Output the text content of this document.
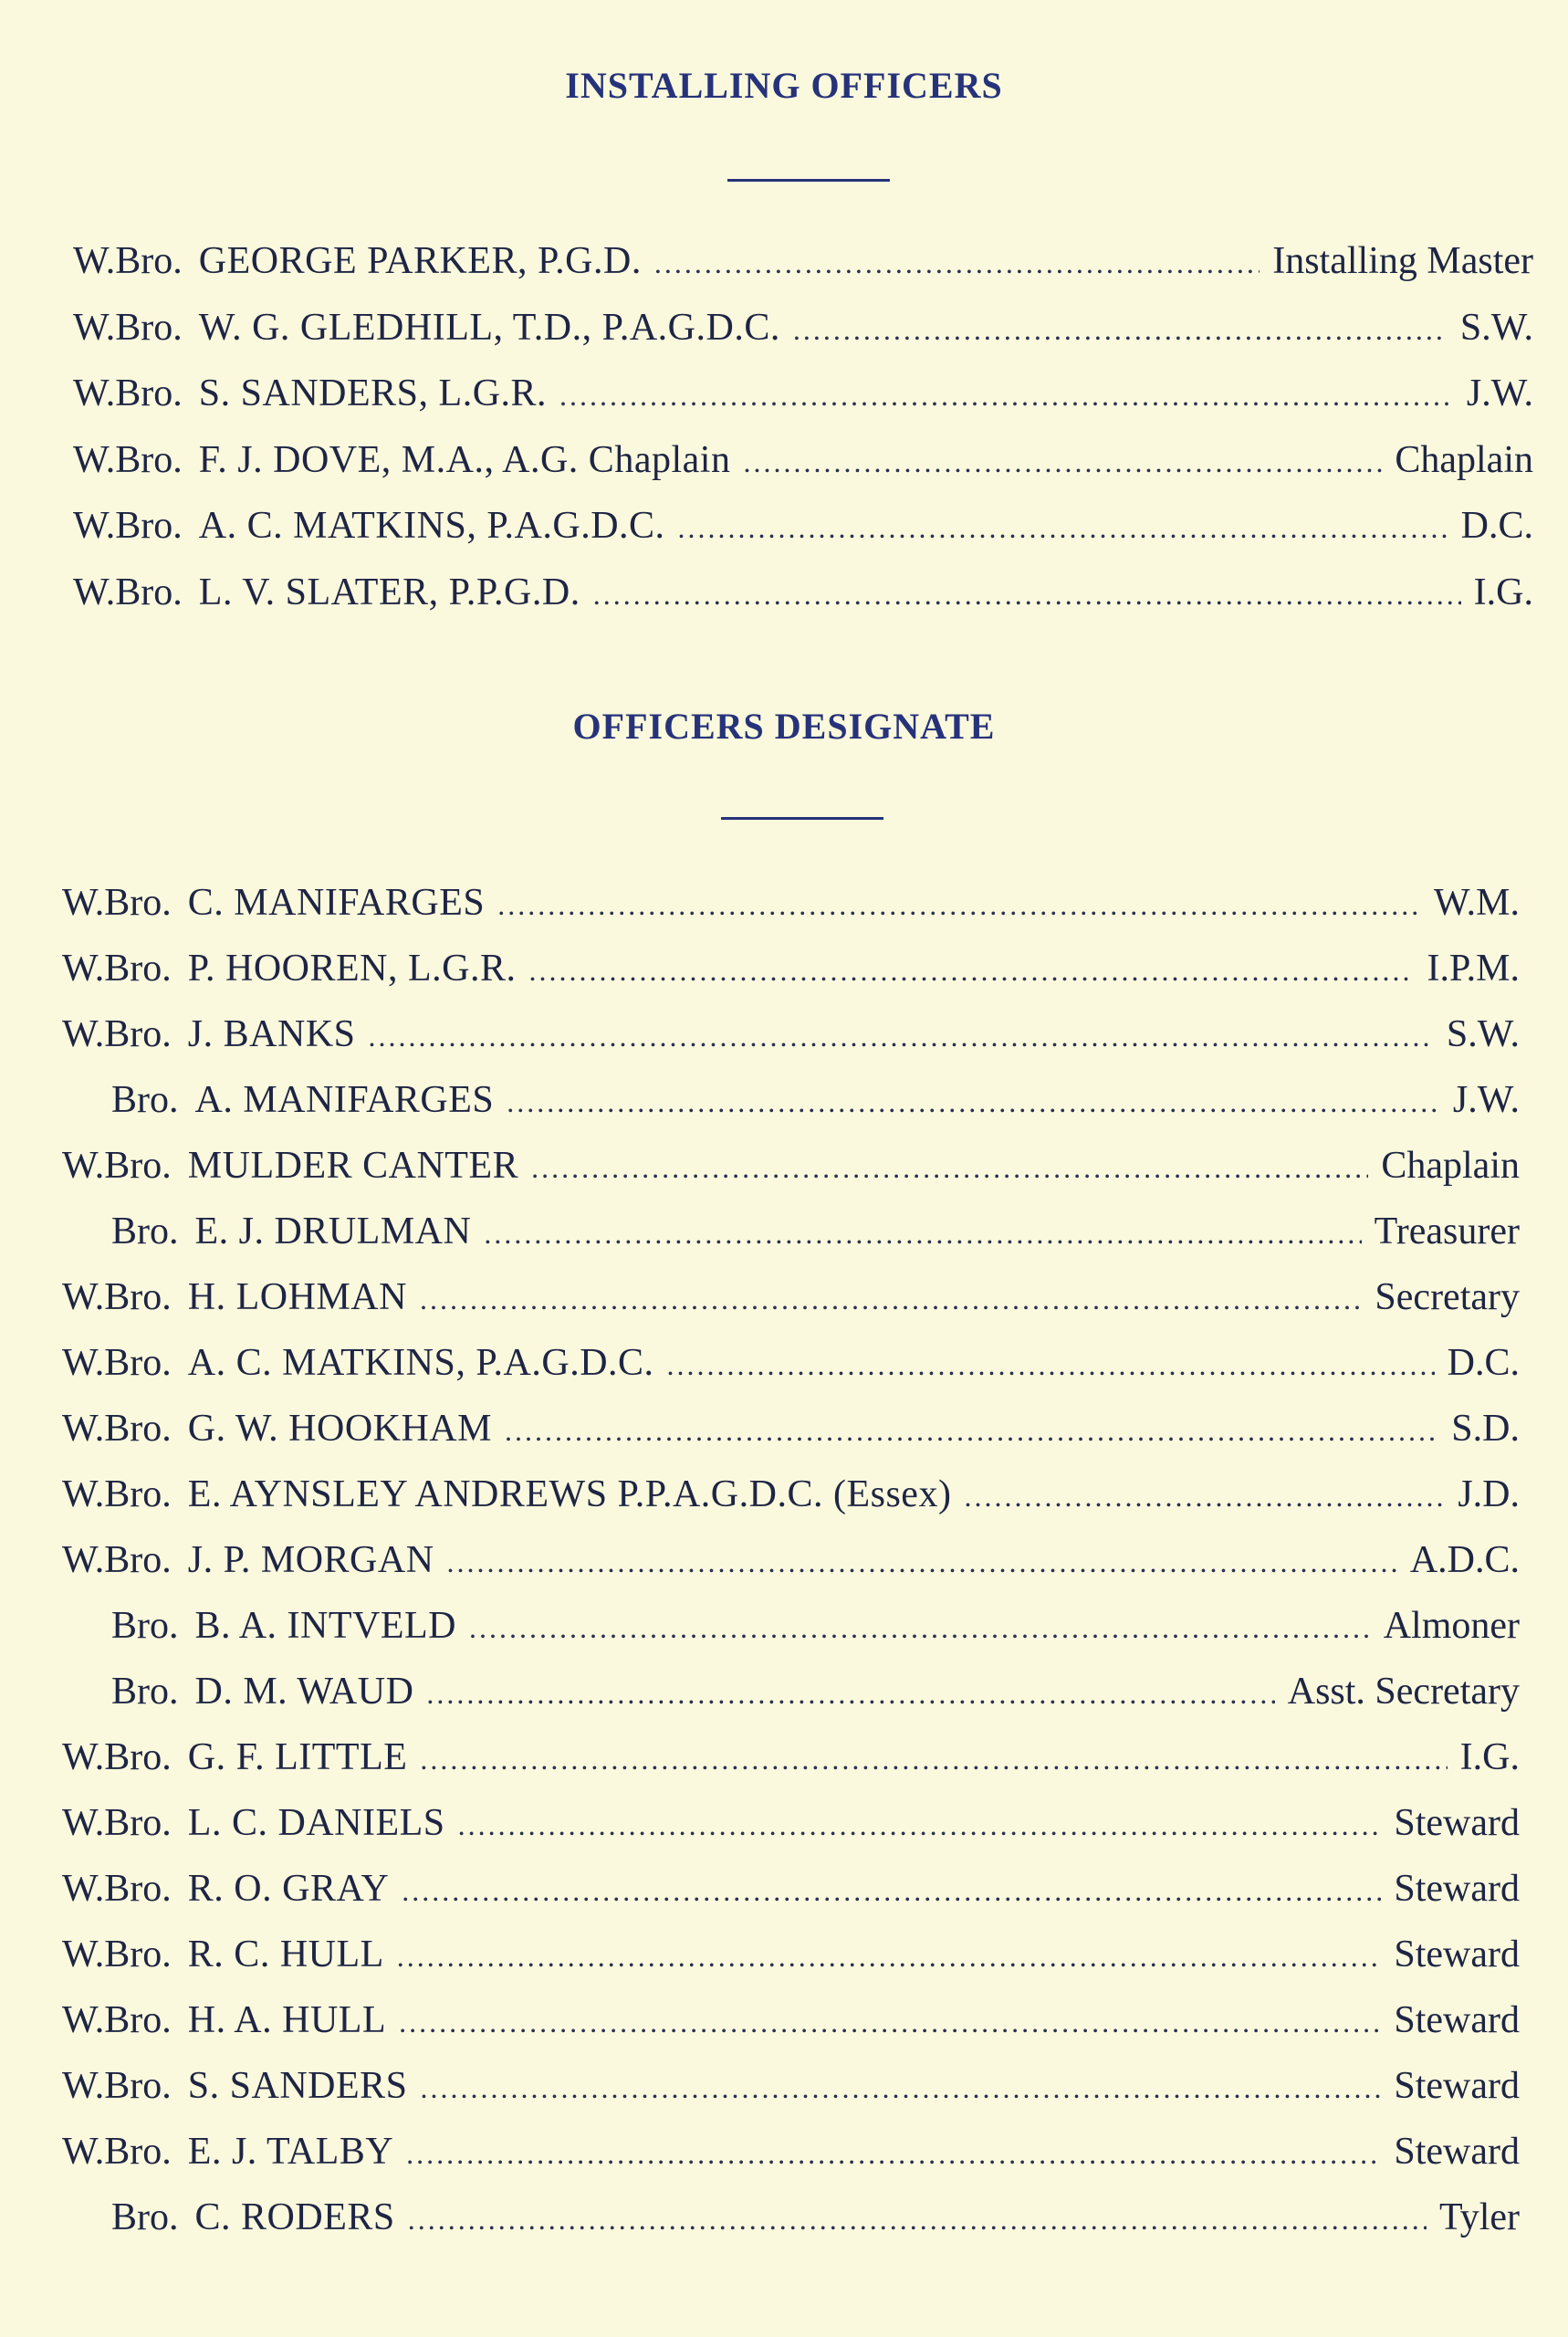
INSTALLING OFFICERS
W.Bro. GEORGE PARKER, P.G.D. .....	Installing Master
W.Bro. W. G. GLEDHILL, T.D., P.A.G.D.C. .....	S.W.
W.Bro. S. SANDERS, L.G.R. .....	J.W.
W.Bro. F. J. DOVE, M.A., A.G. Chaplain .....	Chaplain
W.Bro. A. C. MATKINS, P.A.G.D.C. .....	D.C.
W.Bro. L. V. SLATER, P.P.G.D. .....	I.G.
OFFICERS DESIGNATE
W.Bro. C. MANIFARGES .....	W.M.
W.Bro. P. HOOREN, L.G.R. .....	I.P.M.
W.Bro. J. BANKS .....	S.W.
Bro. A. MANIFARGES .....	J.W.
W.Bro. MULDER CANTER .....	Chaplain
Bro. E. J. DRULMAN .....	Treasurer
W.Bro. H. LOHMAN .....	Secretary
W.Bro. A. C. MATKINS, P.A.G.D.C. .....	D.C.
W.Bro. G. W. HOOKHAM .....	S.D.
W.Bro. E. AYNSLEY ANDREWS P.P.A.G.D.C. (Essex) .....	J.D.
W.Bro. J. P. MORGAN .....	A.D.C.
Bro. B. A. INTVELD .....	Almoner
Bro. D. M. WAUD .....	Asst. Secretary
W.Bro. G. F. LITTLE .....	I.G.
W.Bro. L. C. DANIELS .....	Steward
W.Bro. R. O. GRAY .....	Steward
W.Bro. R. C. HULL .....	Steward
W.Bro. H. A. HULL .....	Steward
W.Bro. S. SANDERS .....	Steward
W.Bro. E. J. TALBY .....	Steward
Bro. C. RODERS .....	Tyler
